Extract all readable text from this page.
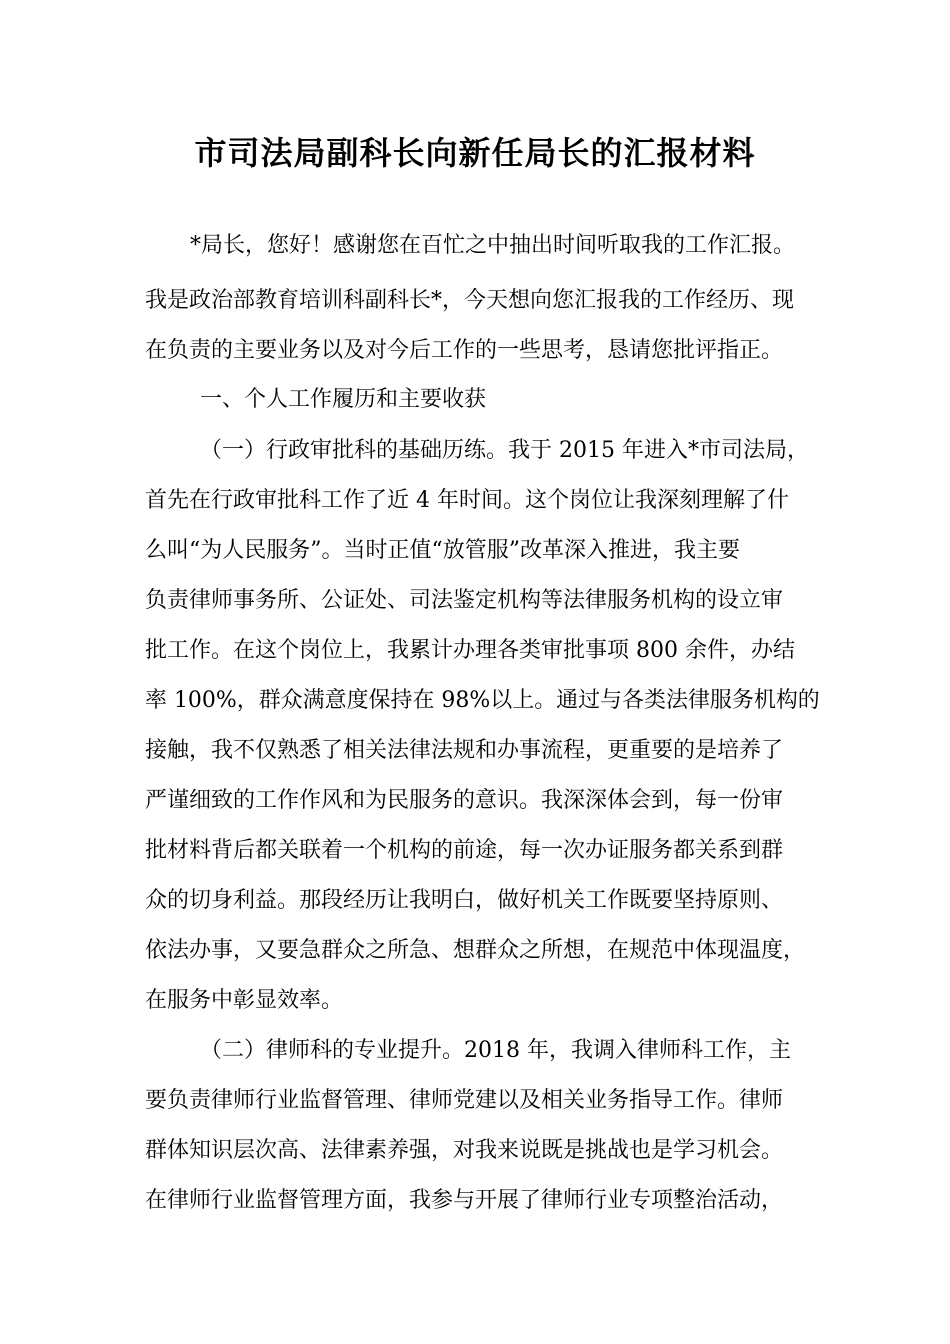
市司法局副科长向新任局长的汇报材料
*局长，您好！感谢您在百忙之中抽出时间听取我的工作汇报。
我是政治部教育培训科副科长*，今天想向您汇报我的工作经历、现
在负责的主要业务以及对今后工作的一些思考，恳请您批评指正。
一、个人工作履历和主要收获
（一）行政审批科的基础历练。我于 2015 年进入*市司法局，
首先在行政审批科工作了近 4 年时间。这个岗位让我深刻理解了什
么叫“为人民服务”。当时正值“放管服”改革深入推进，我主要
负责律师事务所、公证处、司法鉴定机构等法律服务机构的设立审
批工作。在这个岗位上，我累计办理各类审批事项 800 余件，办结
率 100%，群众满意度保持在 98%以上。通过与各类法律服务机构的
接触，我不仅熟悉了相关法律法规和办事流程，更重要的是培养了
严谨细致的工作作风和为民服务的意识。我深深体会到，每一份审
批材料背后都关联着一个机构的前途，每一次办证服务都关系到群
众的切身利益。那段经历让我明白，做好机关工作既要坚持原则、
依法办事，又要急群众之所急、想群众之所想，在规范中体现温度，
在服务中彰显效率。
（二）律师科的专业提升。2018 年，我调入律师科工作，主
要负责律师行业监督管理、律师党建以及相关业务指导工作。律师
群体知识层次高、法律素养强，对我来说既是挑战也是学习机会。
在律师行业监督管理方面，我参与开展了律师行业专项整治活动，
